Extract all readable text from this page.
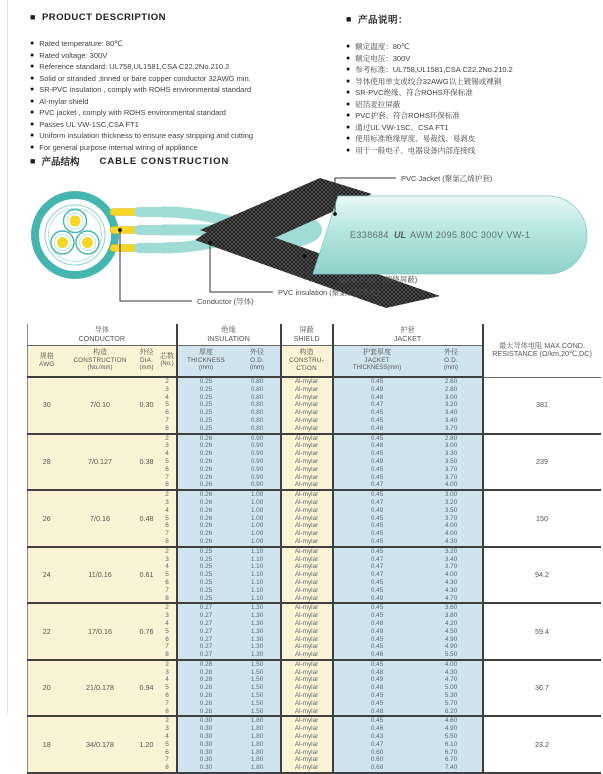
■ PRODUCT DESCRIPTION
● Rated temperature: 80℃
● Rated voltage: 300V
● Reference standard: UL758,UL1581,CSA C22.2No.210.2
● Solid or stranded ,tinned or bare copper conductor 32AWG min.
● SR-PVC insulation , comply with ROHS environmental standard
● Al-mylar shield
● PVC jacket , comply with ROHS environmental standard
● Passes UL VW-1SC,CSA FT1
● Uniform insulation thickness to ensure easy stripping and cutting
● For general purpose internal wiring of appliance
■ 产品说明：
● 额定温度：80℃
● 额定电压：300V
● 参考标准：UL758,UL1581,CSA C22.2No.210.2
● 导体使用单支或绞合32AWG以上镀锡或裸铜
● SR-PVC绝缘、符合ROHS环保标准
● 铝箔麦拉屏蔽
● PVC护套、符合ROHS环保标准
● 通过UL VW-1SC、CSA FT1
● 使用标准绝缘厚度、易裁线、易剥皮
● 用于一般电子、电器设备内部连接线
■ 产品结构 CABLE CONSTRUCTION
E338684 UL AWM 2095 80C 300V VW-1
PVC Jacket (聚氯乙烯护套)
Spiral Shield (缠绕屏蔽)
PVC insulation (聚氯乙烯绝缘)
Conductor (导体)
导体
CONDUCTOR

绝缘
INSULATION

屏蔽
SHIELD

护套
JACKET
	最大导体电阻 MAX.COND. RESISTANCE (Ω/km,20℃,DC)

规格
AWG	构造
CONSTRUCTION
(No./mm)	外径
DIA.
(mm)	芯数
(No.)	厚度
THICKNESS
(mm)	外径
O.D.
(mm)	构造
CONSTRU-
CTION	护套厚度
JACKET
THICKNESS(mm)	外径
O.D.
(mm)	

30	7/0.10	0.30	2	0.25	0.80	Al-mylar	0.45	2.60	381
			3	0.25	0.80	Al-mylar	0.49	2.80	
			4	0.25	0.80	Al-mylar	0.48	3.00	
			5	0.25	0.80	Al-mylar	0.47	3.20	
			6	0.25	0.80	Al-mylar	0.45	3.40	
			7	0.25	0.80	Al-mylar	0.45	3.40	
			8	0.25	0.80	Al-mylar	0.48	3.70	
28	7/0.127	0.38	2	0.26	0.90	Al-mylar	0.45	2.80	239
			3	0.26	0.90	Al-mylar	0.48	3.00	
			4	0.26	0.90	Al-mylar	0.45	3.30	
			5	0.26	0.90	Al-mylar	0.49	3.50	
			6	0.26	0.90	Al-mylar	0.45	3.70	
			7	0.26	0.90	Al-mylar	0.45	3.70	
			8	0.26	0.90	Al-mylar	0.47	4.00	
26	7/0.16	0.48	2	0.26	1.00	Al-mylar	0.45	3.00	150
			3	0.26	1.00	Al-mylar	0.47	3.20	
			4	0.26	1.00	Al-mylar	0.49	3.50	
			5	0.26	1.00	Al-mylar	0.45	3.70	
			6	0.26	1.00	Al-mylar	0.45	4.00	
			7	0.26	1.00	Al-mylar	0.45	4.00	
			8	0.26	1.00	Al-mylar	0.45	4.30	
24	11/0.16	0.61	2	0.25	1.10	Al-mylar	0.45	3.20	94.2
			3	0.25	1.10	Al-mylar	0.47	3.40	
			4	0.25	1.10	Al-mylar	0.47	3.70	
			5	0.25	1.10	Al-mylar	0.47	4.00	
			6	0.25	1.10	Al-mylar	0.45	4.30	
			7	0.25	1.10	Al-mylar	0.45	4.30	
			8	0.25	1.10	Al-mylar	0.49	4.70	
22	17/0.16	0.76	2	0.27	1.30	Al-mylar	0.45	3.60	59.4
			3	0.27	1.30	Al-mylar	0.45	3.80	
			4	0.27	1.30	Al-mylar	0.48	4.20	
			5	0.27	1.30	Al-mylar	0.49	4.50	
			6	0.27	1.30	Al-mylar	0.45	4.90	
			7	0.27	1.30	Al-mylar	0.45	4.90	
			8	0.27	1.30	Al-mylar	0.46	5.50	
20	21/0.178	0.94	2	0.28	1.50	Al-mylar	0.45	4.00	36.7
			3	0.28	1.50	Al-mylar	0.48	4.30	
			4	0.28	1.50	Al-mylar	0.49	4.70	
			5	0.28	1.50	Al-mylar	0.48	5.00	
			6	0.28	1.50	Al-mylar	0.45	5.30	
			7	0.28	1.50	Al-mylar	0.45	5.70	
			8	0.28	1.50	Al-mylar	0.48	6.20	
18	34/0.178	1.20	2	0.30	1.80	Al-mylar	0.45	4.60	23.2
			3	0.30	1.80	Al-mylar	0.46	4.90	
			4	0.30	1.80	Al-mylar	0.43	5.50	
			5	0.30	1.80	Al-mylar	0.47	6.10	
			6	0.30	1.80	Al-mylar	0.60	6.70	
			7	0.30	1.80	Al-mylar	0.60	6.70	
			8	0.30	1.80	Al-mylar	0.68	7.40	
